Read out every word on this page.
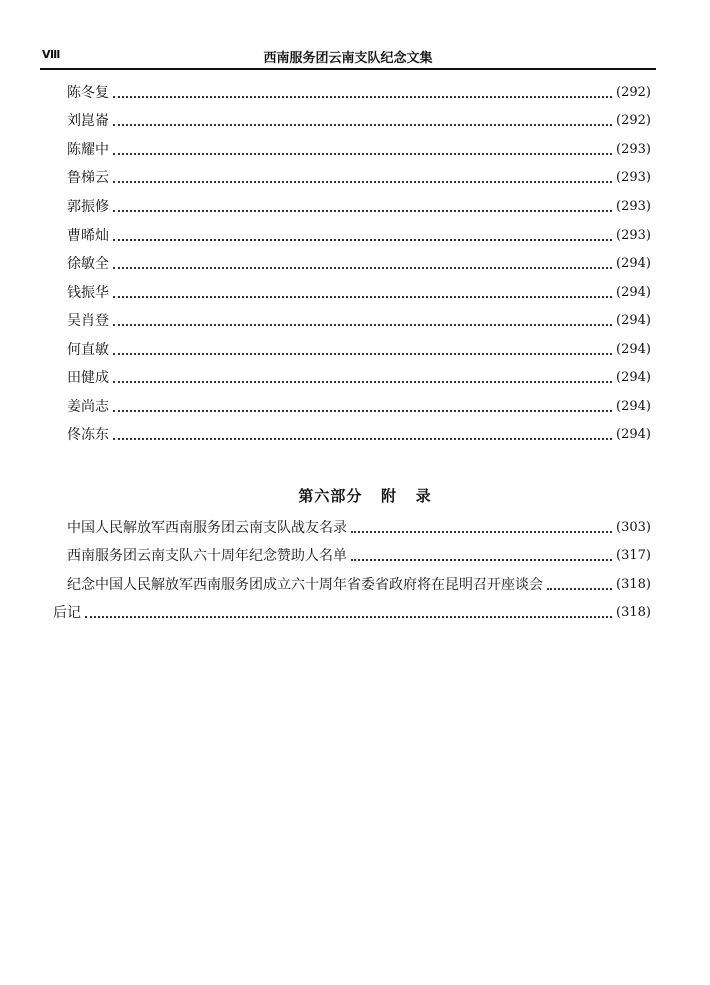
Ⅷ	西南服务团云南支队纪念文集
陈冬复	(292)
刘崑崙	(292)
陈耀中	(293)
鲁梯云	(293)
郭振修	(293)
曹晞灿	(293)
徐敏全	(294)
钱振华	(294)
吴肖登	(294)
何直敏	(294)
田健成	(294)
姜尚志	(294)
佟冻东	(294)
第六部分   附   录
中国人民解放军西南服务团云南支队战友名录	(303)
西南服务团云南支队六十周年纪念赞助人名单	(317)
纪念中国人民解放军西南服务团成立六十周年省委省政府将在昆明召开座谈会	(318)
后记	(318)
